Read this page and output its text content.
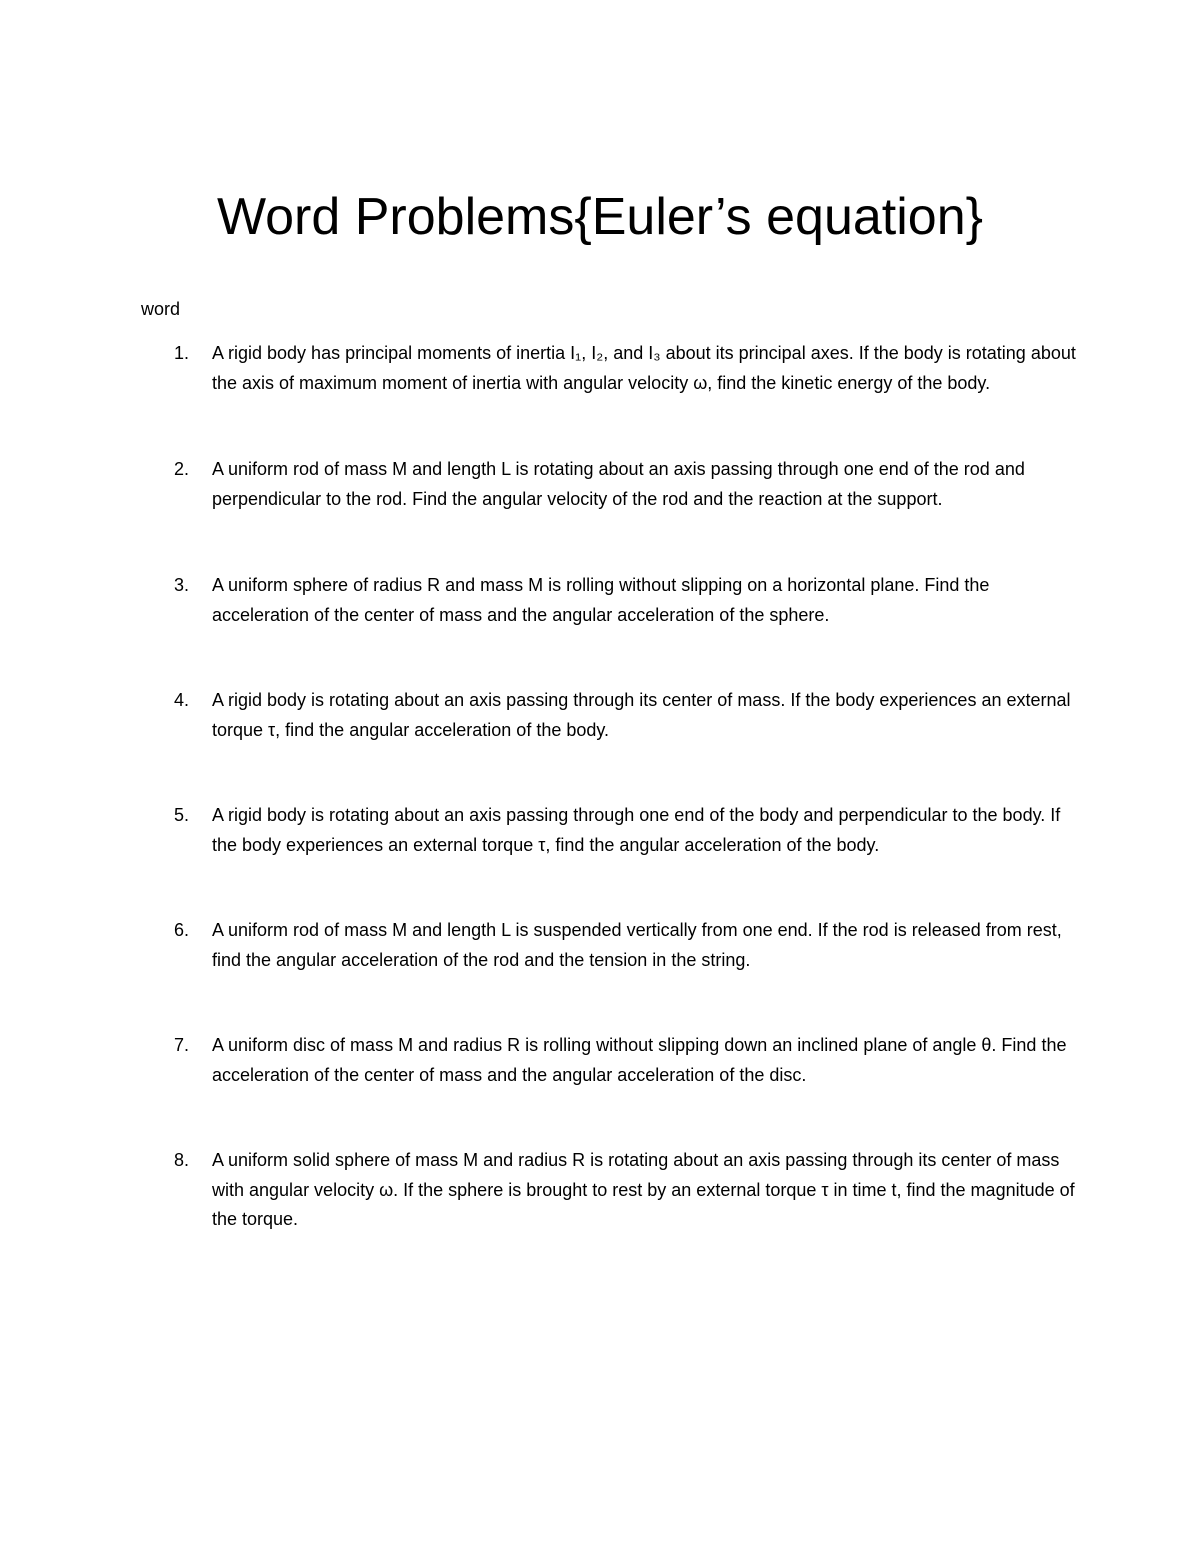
Word Problems{Euler’s equation}
word
1. A rigid body has principal moments of inertia I₁, I₂, and I₃ about its principal axes. If the body is rotating about the axis of maximum moment of inertia with angular velocity ω, find the kinetic energy of the body.
2. A uniform rod of mass M and length L is rotating about an axis passing through one end of the rod and perpendicular to the rod. Find the angular velocity of the rod and the reaction at the support.
3. A uniform sphere of radius R and mass M is rolling without slipping on a horizontal plane. Find the acceleration of the center of mass and the angular acceleration of the sphere.
4. A rigid body is rotating about an axis passing through its center of mass. If the body experiences an external torque τ, find the angular acceleration of the body.
5. A rigid body is rotating about an axis passing through one end of the body and perpendicular to the body. If the body experiences an external torque τ, find the angular acceleration of the body.
6. A uniform rod of mass M and length L is suspended vertically from one end. If the rod is released from rest, find the angular acceleration of the rod and the tension in the string.
7. A uniform disc of mass M and radius R is rolling without slipping down an inclined plane of angle θ. Find the acceleration of the center of mass and the angular acceleration of the disc.
8. A uniform solid sphere of mass M and radius R is rotating about an axis passing through its center of mass with angular velocity ω. If the sphere is brought to rest by an external torque τ in time t, find the magnitude of the torque.
